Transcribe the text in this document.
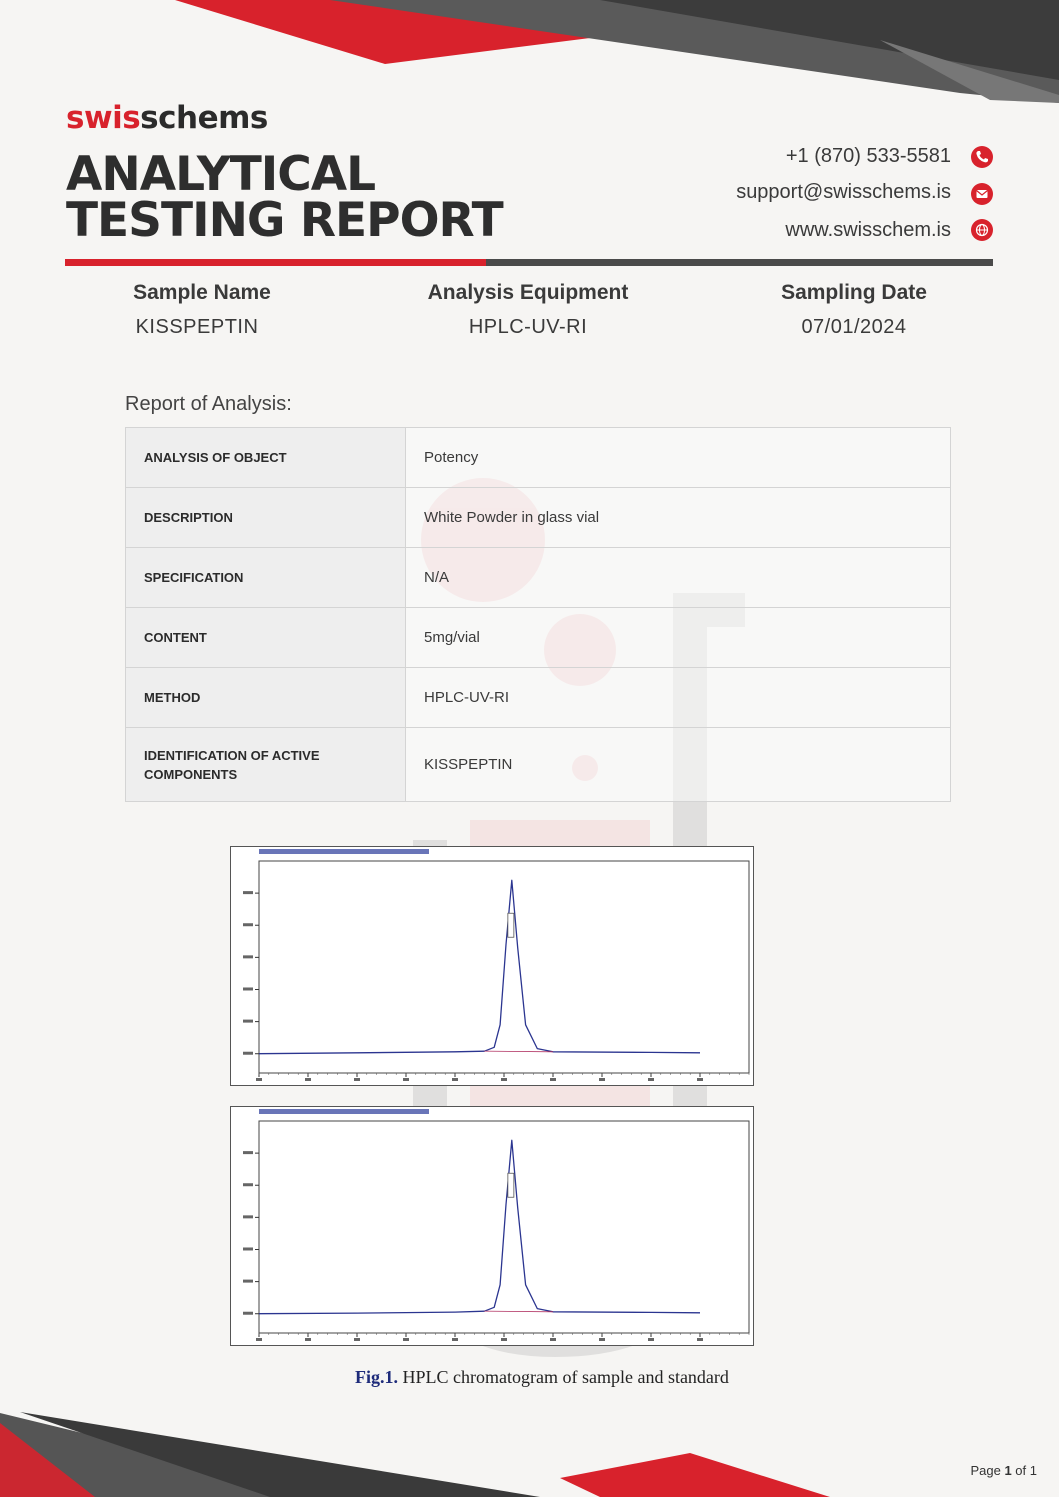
swisschems
ANALYTICAL
TESTING REPORT
+1 (870) 533-5581
support@swisschems.is
www.swisschem.is
Sample Name
KISSPEPTIN
Analysis Equipment
HPLC-UV-RI
Sampling Date
07/01/2024
Report of Analysis:
ANALYSIS OF OBJECT	Potency
DESCRIPTION	White Powder in glass vial
SPECIFICATION	N/A
CONTENT	5mg/vial
METHOD	HPLC-UV-RI
IDENTIFICATION OF ACTIVE COMPONENTS	KISSPEPTIN
Fig.1. HPLC chromatogram of sample and standard
Page 1 of 1
